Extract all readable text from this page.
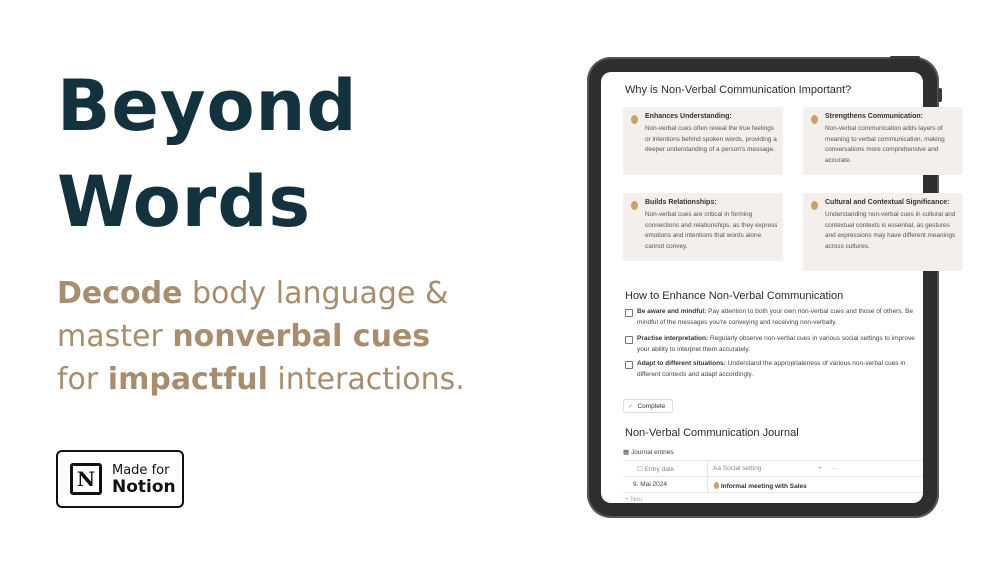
Beyond
Words
Decode body language &
master nonverbal cues
for impactful interactions.
N	Made for
Notion
Why is Non-Verbal Communication Important?
Enhances Understanding:
Non-verbal cues often reveal the true feelings or intentions behind spoken words, providing a deeper understanding of a person's message.
Strengthens Communication:
Non-verbal communication adds layers of meaning to verbal communication, making conversations more comprehensive and accurate.
Builds Relationships:
Non-verbal cues are critical in forming connections and relationships, as they express emotions and intentions that words alone cannot convey.
Cultural and Contextual Significance:
Understanding non-verbal cues in cultural and contextual contexts is essential, as gestures and expressions may have different meanings across cultures.
How to Enhance Non-Verbal Communication
Be aware and mindful: Pay attention to both your own non-verbal cues and those of others. Be mindful of the messages you're conveying and receiving non-verbally.
Practise interpretation: Regularly observe non-verbal cues in various social settings to improve your ability to interpret them accurately.
Adapt to different situations: Understand the appropriateness of various non-verbal cues in different contexts and adapt accordingly.
✓ Complete
Non-Verbal Communication Journal
▦ Journal entries
☐ Entry date	Aa Social setting	+ ···
9. Mai 2024	Informal meeting with Sales
+ Neu
